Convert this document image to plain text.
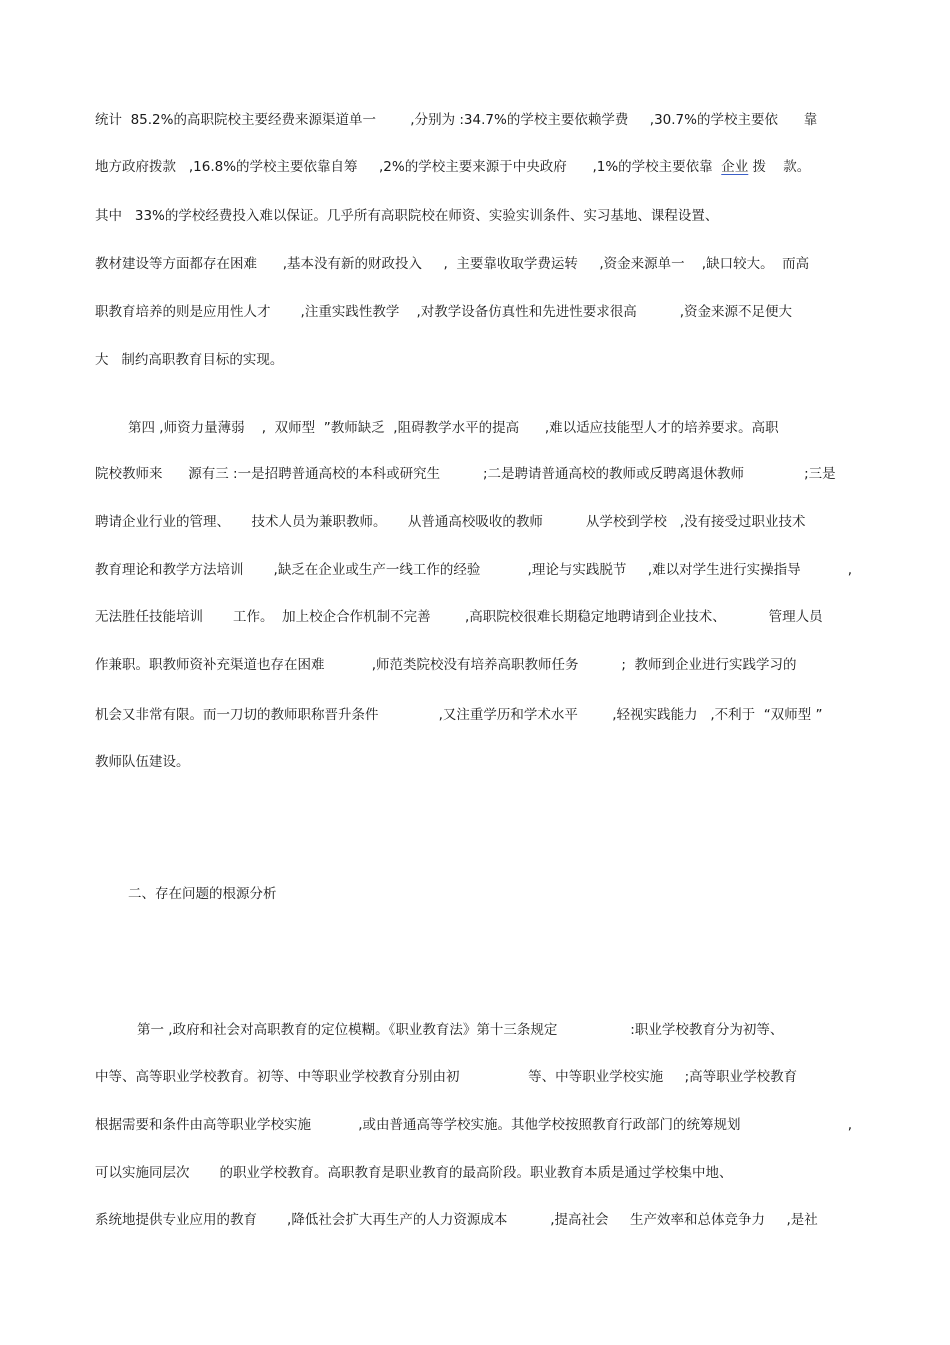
统计  85.2%的高职院校主要经费来源渠道单一        ,分别为 :34.7%的学校主要依赖学费     ,30.7%的学校主要依      靠
地方政府拨款   ,16.8%的学校主要依靠自筹     ,2%的学校主要来源于中央政府      ,1%的学校主要依靠  企业 拨    款。
其中   33%的学校经费投入难以保证。几乎所有高职院校在师资、实验实训条件、实习基地、课程设置、
教材建设等方面都存在困难      ,基本没有新的财政投入     ,  主要靠收取学费运转     ,资金来源单一    ,缺口较大。  而高
职教育培养的则是应用性人才       ,注重实践性教学    ,对教学设备仿真性和先进性要求很高          ,资金来源不足便大
大   制约高职教育目标的实现。
第四 ,师资力量薄弱    ,  双师型  ”教师缺乏  ,阻碍教学水平的提高      ,难以适应技能型人才的培养要求。高职
院校教师来      源有三 :一是招聘普通高校的本科或研究生          ;二是聘请普通高校的教师或反聘离退休教师              ;三是
聘请企业行业的管理、     技术人员为兼职教师。     从普通高校吸收的教师          从学校到学校   ,没有接受过职业技术
教育理论和教学方法培训       ,缺乏在企业或生产一线工作的经验           ,理论与实践脱节     ,难以对学生进行实操指导           ,
无法胜任技能培训       工作。  加上校企合作机制不完善        ,高职院校很难长期稳定地聘请到企业技术、          管理人员
作兼职。职教师资补充渠道也存在困难           ,师范类院校没有培养高职教师任务          ;  教师到企业进行实践学习的
机会又非常有限。而一刀切的教师职称晋升条件              ,又注重学历和学术水平        ,轻视实践能力   ,不利于  “双师型 ”
教师队伍建设。
二、存在问题的根源分析
第一 ,政府和社会对高职教育的定位模糊。《职业教育法》第十三条规定                 :职业学校教育分为初等、
中等、高等职业学校教育。初等、中等职业学校教育分别由初                等、中等职业学校实施     ;高等职业学校教育
根据需要和条件由高等职业学校实施           ,或由普通高等学校实施。其他学校按照教育行政部门的统筹规划                         ,
可以实施同层次       的职业学校教育。高职教育是职业教育的最高阶段。职业教育本质是通过学校集中地、
系统地提供专业应用的教育       ,降低社会扩大再生产的人力资源成本          ,提高社会     生产效率和总体竞争力     ,是社
